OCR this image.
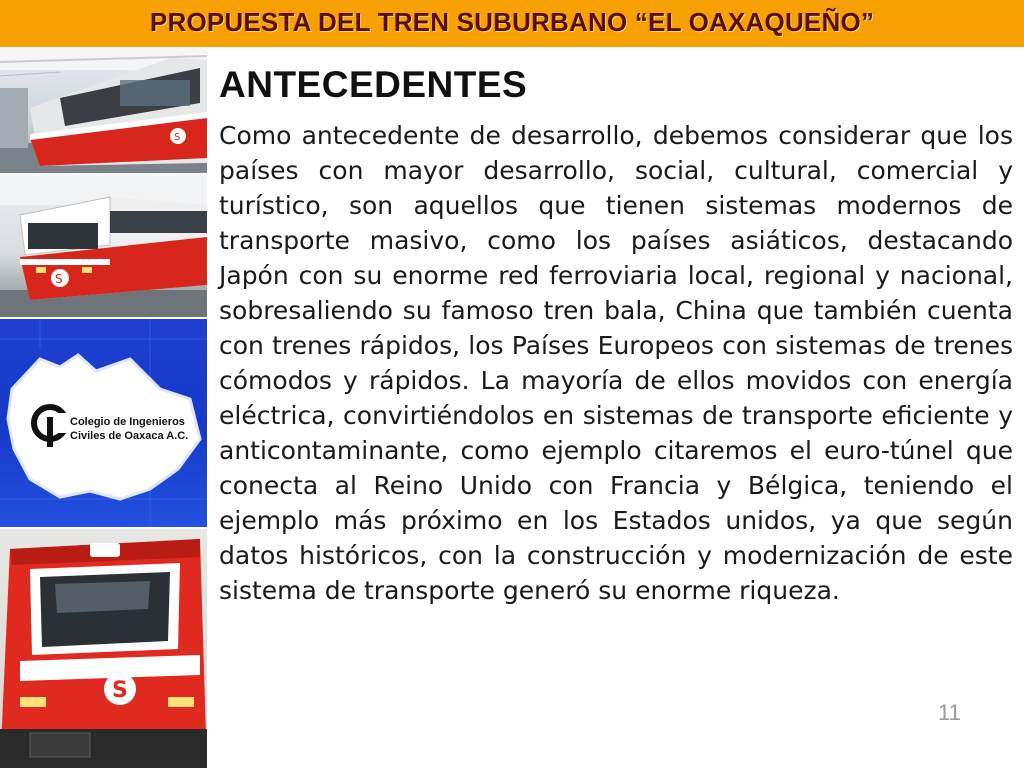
PROPUESTA DEL TREN SUBURBANO “EL OAXAQUEÑO”
S
S
Colegio de Ingenieros
Civiles de Oaxaca A.C.
S
ANTECEDENTES

Como antecedente de desarrollo, debemos considerar que los países con mayor desarrollo, social, cultural, comercial y turístico, son aquellos que tienen sistemas modernos de transporte masivo, como los países asiáticos, destacando Japón con su enorme red ferroviaria local, regional y nacional, sobresaliendo su famoso tren bala, China que también cuenta con trenes rápidos, los Países Europeos con sistemas de trenes cómodos y rápidos. La mayoría de ellos movidos con energía eléctrica, convirtiéndolos en sistemas de transporte eficiente y anticontaminante, como ejemplo citaremos el euro-túnel que conecta al Reino Unido con Francia y Bélgica, teniendo el ejemplo más próximo en los Estados unidos, ya que según datos históricos, con la construcción y modernización de este sistema de transporte generó su enorme riqueza.

11
